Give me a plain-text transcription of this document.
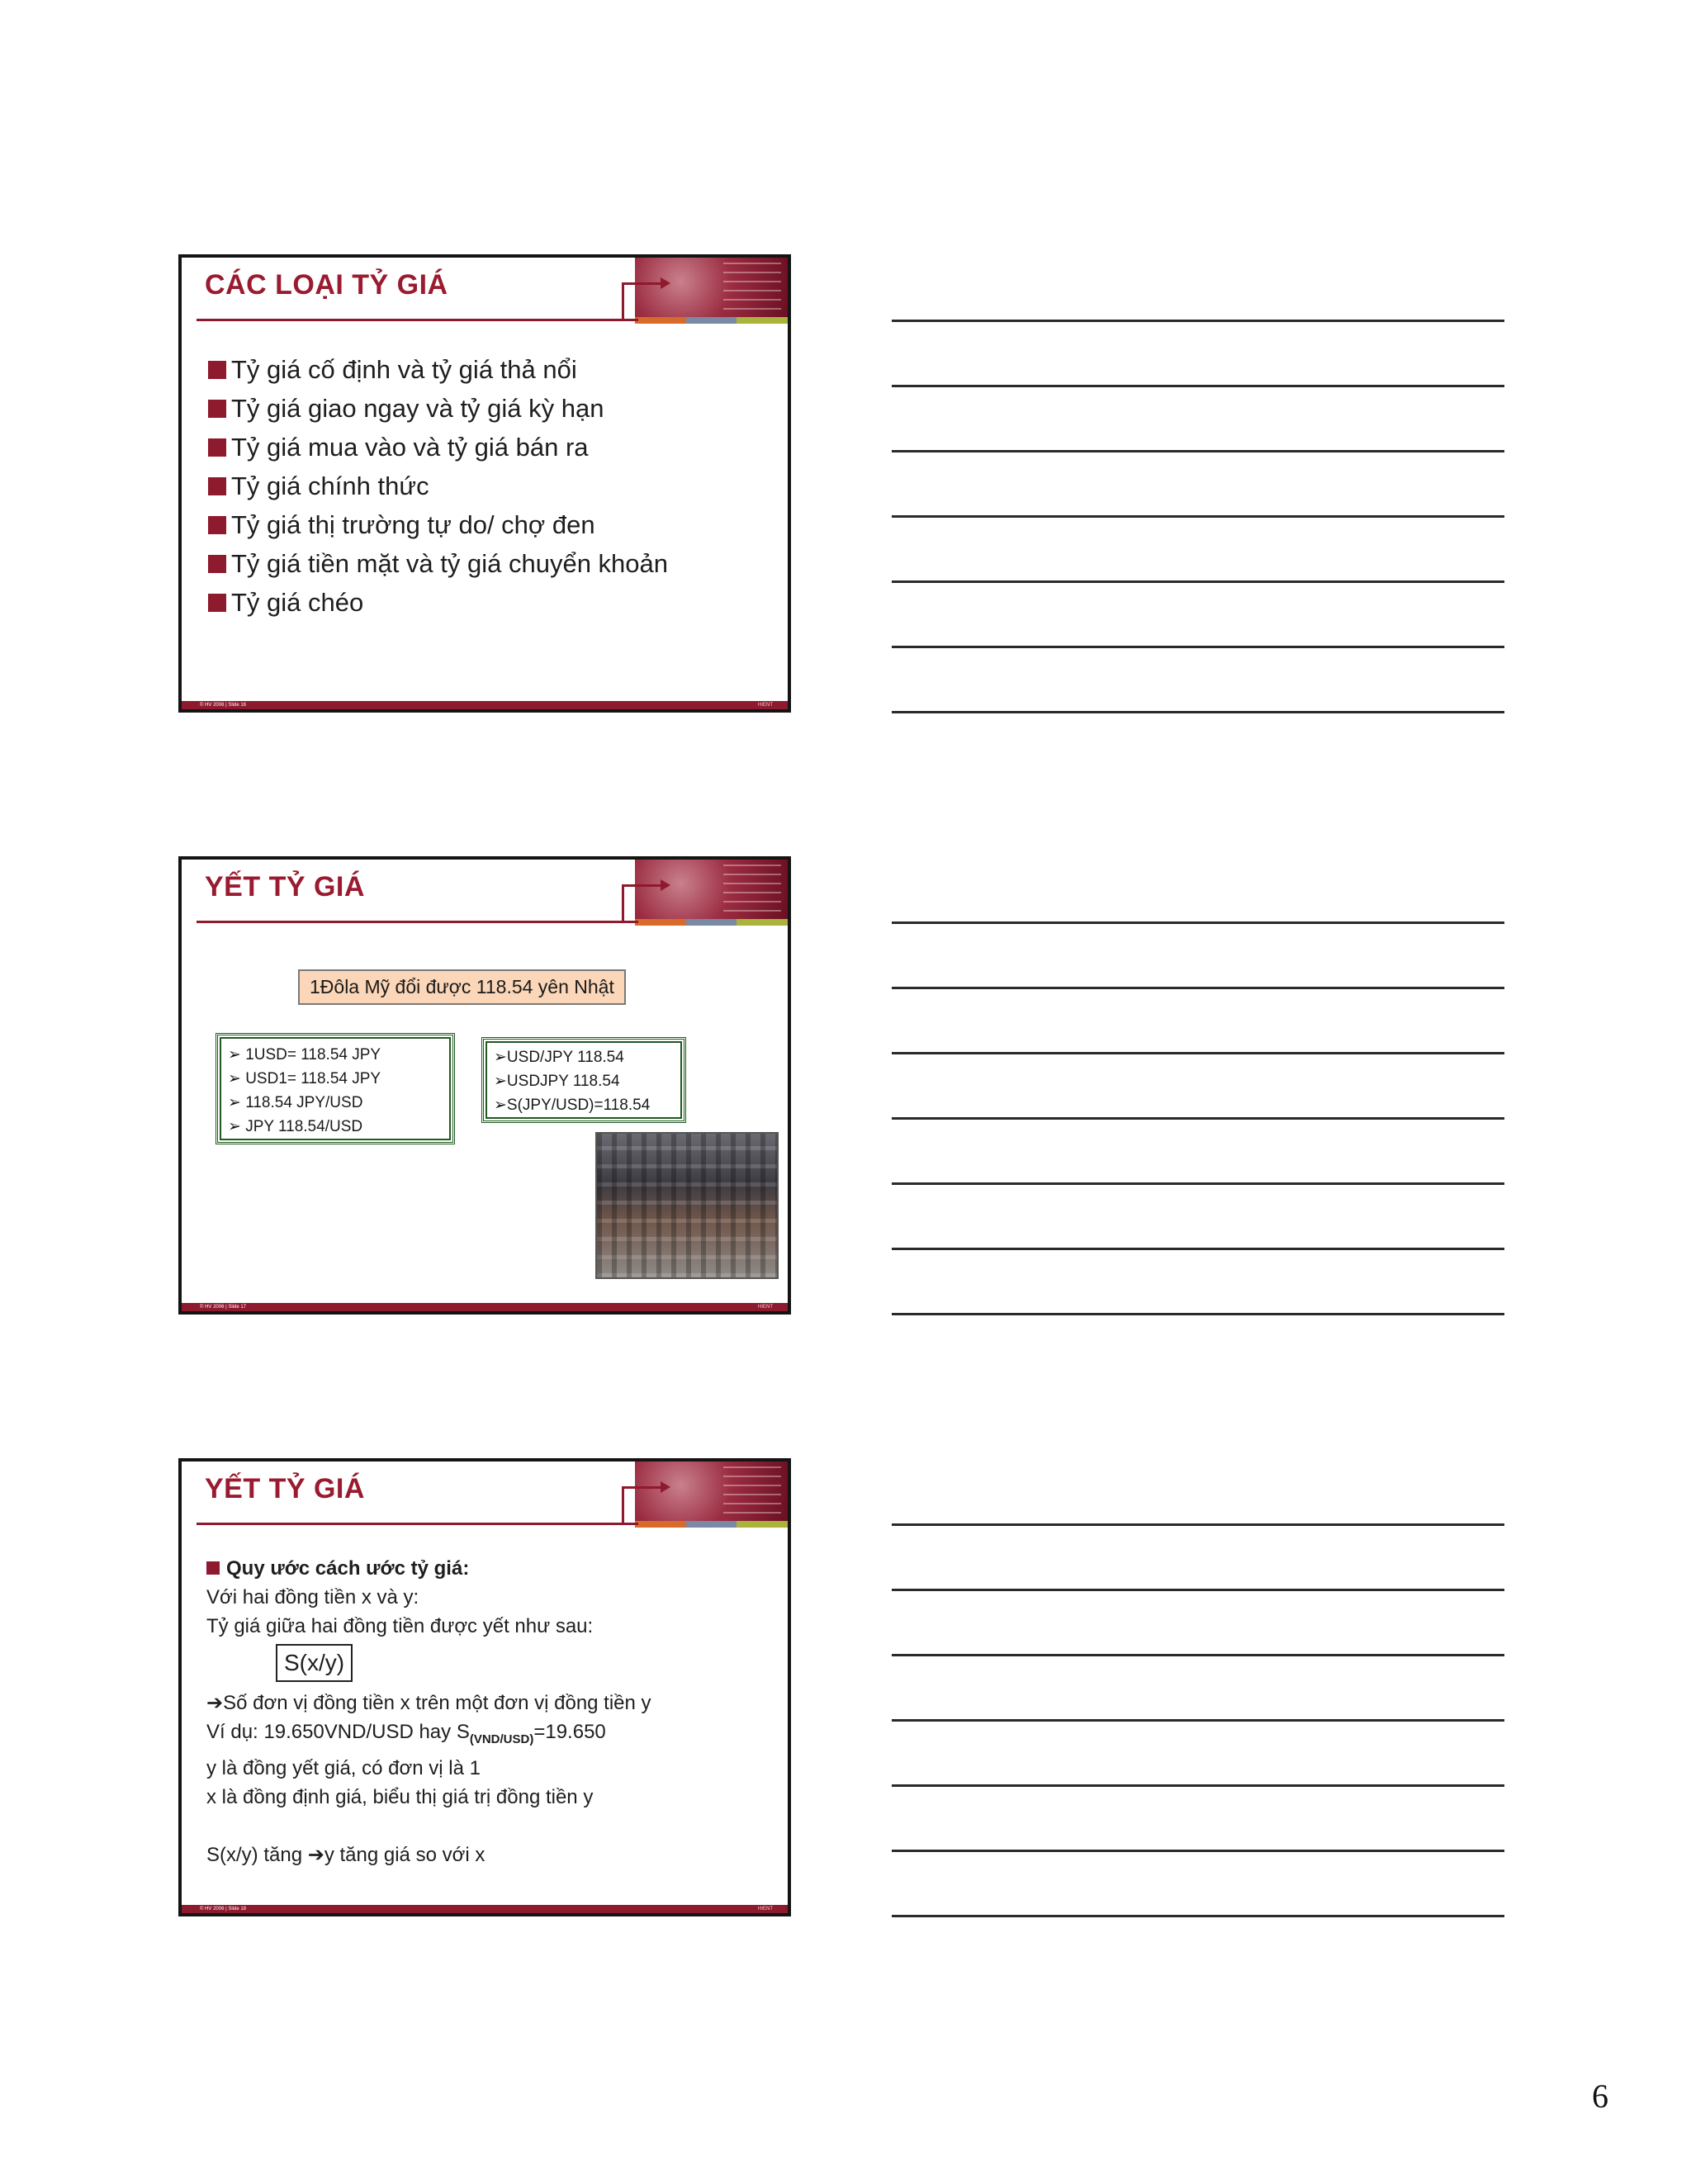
CÁC LOẠI TỶ GIÁ
Tỷ giá cố định và tỷ giá thả nổi
Tỷ giá giao ngay và tỷ giá kỳ hạn
Tỷ giá mua vào và tỷ giá bán ra
Tỷ giá chính thức
Tỷ giá thị trường tự do/ chợ đen
Tỷ giá tiền mặt và tỷ giá chuyển khoản
Tỷ giá chéo
© HV 2006 | Slide 16	HIENT
YẾT TỶ GIÁ
1Đôla Mỹ đổi được 118.54 yên Nhật
➢ 1USD= 118.54 JPY
➢ USD1= 118.54 JPY
➢ 118.54 JPY/USD
➢ JPY 118.54/USD
➢USD/JPY 118.54
➢USDJPY 118.54
➢S(JPY/USD)=118.54
© HV 2006 | Slide 17	HIENT
YẾT TỶ GIÁ
Quy ước cách ước tỷ giá:
Với hai đồng tiền x và y:
Tỷ giá giữa hai đồng tiền được yết như sau:
S(x/y)
➔Số đơn vị đồng tiền x trên một đơn vị đồng tiền y
Ví dụ: 19.650VND/USD hay $S_{(VND/USD)}=19.650$
y là đồng yết giá, có đơn vị là 1
x là đồng định giá, biểu thị giá trị đồng tiền y
S(x/y) tăng ➔y tăng giá so với x
© HV 2006 | Slide 18	HIENT
6
